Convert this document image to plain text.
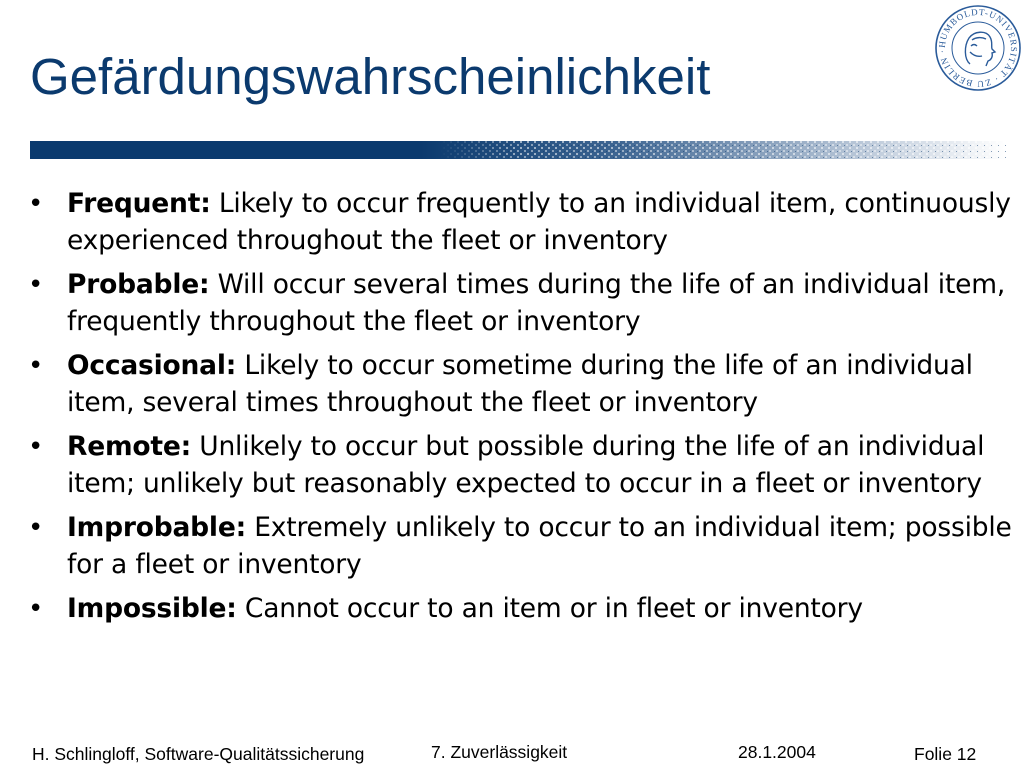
Gefärdungswahrscheinlichkeit
HUMBOLDT-UNIVERSITÄT · ZU BERLIN ·
• Frequent: Likely to occur frequently to an individual item, continuously experienced throughout the fleet or inventory
• Probable: Will occur several times during the life of an individual item, frequently throughout the fleet or inventory
• Occasional: Likely to occur sometime during the life of an individual item, several times throughout the fleet or inventory
• Remote: Unlikely to occur but possible during the life of an individual item; unlikely but reasonably expected to occur in a fleet or inventory
• Improbable: Extremely unlikely to occur to an individual item; possible for a fleet or inventory
• Impossible: Cannot occur to an item or in fleet or inventory
H. Schlingloff, Software-Qualitätssicherung	7. Zuverlässigkeit	28.1.2004	Folie 12
